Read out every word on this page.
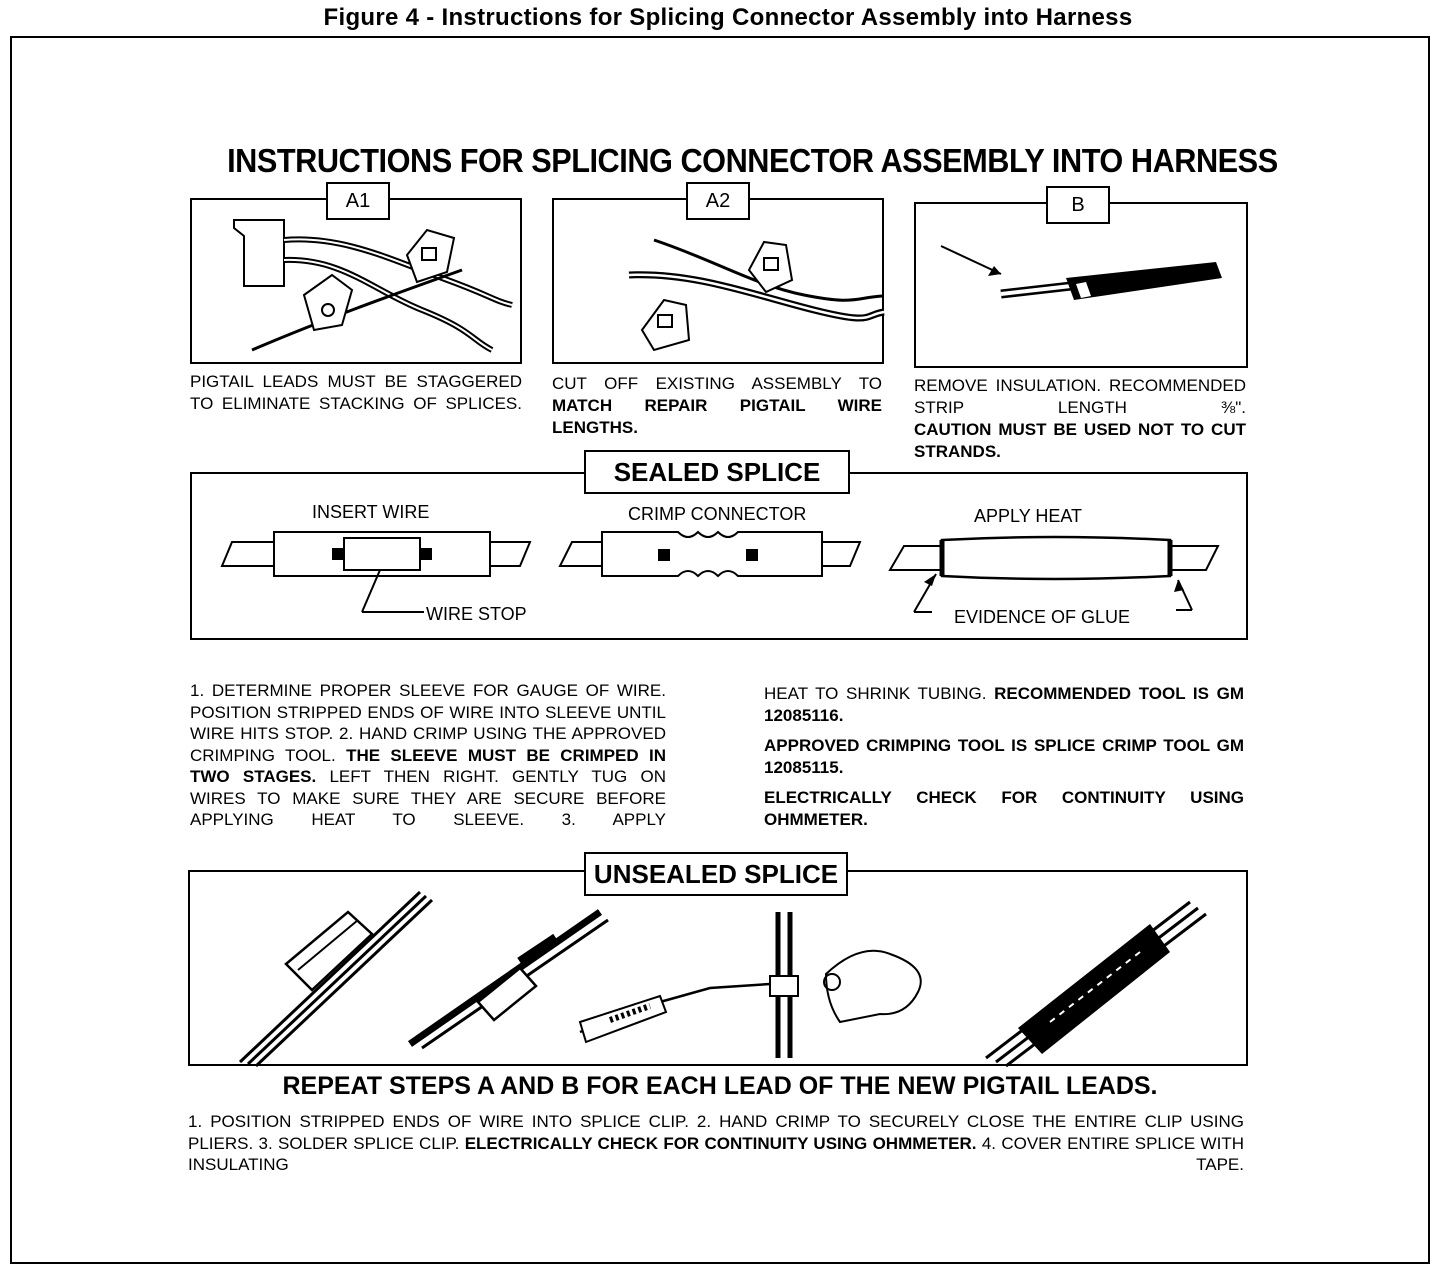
Figure 4 - Instructions for Splicing Connector Assembly into Harness
INSTRUCTIONS FOR SPLICING CONNECTOR ASSEMBLY INTO HARNESS
A1	A2	B
PIGTAIL LEADS MUST BE STAGGERED TO ELIMINATE STACKING OF SPLICES.
CUT OFF EXISTING ASSEMBLY TO
MATCH REPAIR PIGTAIL WIRE LENGTHS.
REMOVE INSULATION. RECOMMENDED STRIP LENGTH ⅜".
CAUTION MUST BE USED NOT TO CUT STRANDS.
SEALED SPLICE
INSERT WIRE
WIRE STOP
CRIMP CONNECTOR	APPLY HEAT
EVIDENCE OF GLUE
1. DETERMINE PROPER SLEEVE FOR GAUGE OF WIRE. POSITION STRIPPED ENDS OF WIRE INTO SLEEVE UNTIL WIRE HITS STOP. 2. HAND CRIMP USING THE APPROVED CRIMPING TOOL. THE SLEEVE MUST BE CRIMPED IN TWO STAGES. LEFT THEN RIGHT. GENTLY TUG ON WIRES TO MAKE SURE THEY ARE SECURE BEFORE APPLYING HEAT TO SLEEVE. 3. APPLY
HEAT TO SHRINK TUBING. RECOMMENDED TOOL IS GM 12085116.
APPROVED CRIMPING TOOL IS SPLICE CRIMP TOOL GM 12085115.
ELECTRICALLY CHECK FOR CONTINUITY USING OHMMETER.
UNSEALED SPLICE
REPEAT STEPS A AND B FOR EACH LEAD OF THE NEW PIGTAIL LEADS.
1. POSITION STRIPPED ENDS OF WIRE INTO SPLICE CLIP. 2. HAND CRIMP TO SECURELY CLOSE THE ENTIRE CLIP USING PLIERS. 3. SOLDER SPLICE CLIP. ELECTRICALLY CHECK FOR CONTINUITY USING OHMMETER. 4. COVER ENTIRE SPLICE WITH INSULATING TAPE.
